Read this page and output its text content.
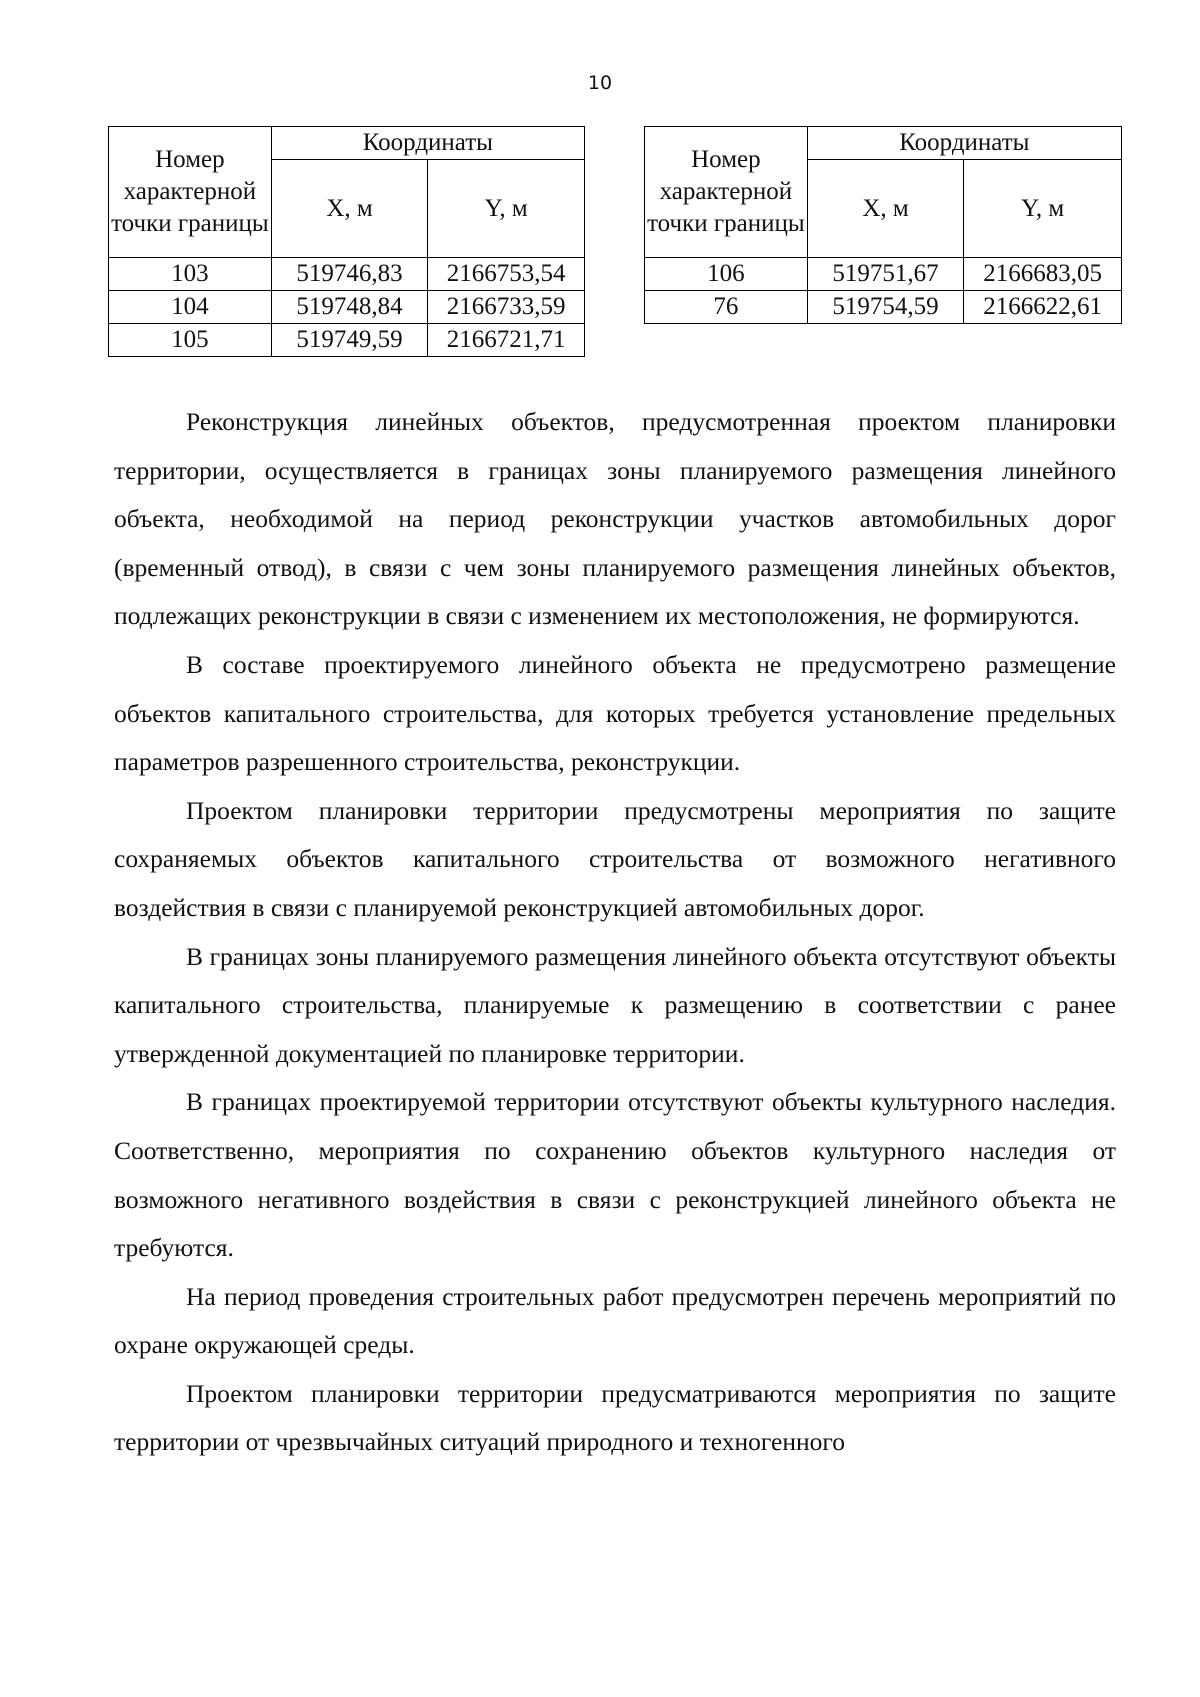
10
Номер характерной точки границы	Координаты	
	X, м	Y, м
103	519746,83	2166753,54
104	519748,84	2166733,59
105	519749,59	2166721,71
Номер характерной точки границы	Координаты	
	X, м	Y, м
106	519751,67	2166683,05
76	519754,59	2166622,61

Реконструкция линейных объектов, предусмотренная проектом планировки территории, осуществляется в границах зоны планируемого размещения линейного объекта, необходимой на период реконструкции участков автомобильных дорог (временный отвод), в связи с чем зоны планируемого размещения линейных объектов, подлежащих реконструкции в связи с изменением их местоположения, не формируются.

В составе проектируемого линейного объекта не предусмотрено размещение объектов капитального строительства, для которых требуется установление предельных параметров разрешенного строительства, реконструкции.

Проектом планировки территории предусмотрены мероприятия по защите сохраняемых объектов капитального строительства от возможного негативного воздействия в связи с планируемой реконструкцией автомобильных дорог.

В границах зоны планируемого размещения линейного объекта отсутствуют объекты капитального строительства, планируемые к размещению в соответствии с ранее утвержденной документацией по планировке территории.

В границах проектируемой территории отсутствуют объекты культурного наследия. Соответственно, мероприятия по сохранению объектов культурного наследия от возможного негативного воздействия в связи с реконструкцией линейного объекта не требуются.

На период проведения строительных работ предусмотрен перечень мероприятий по охране окружающей среды.

Проектом планировки территории предусматриваются мероприятия по защите территории от чрезвычайных ситуаций природного и техногенного
